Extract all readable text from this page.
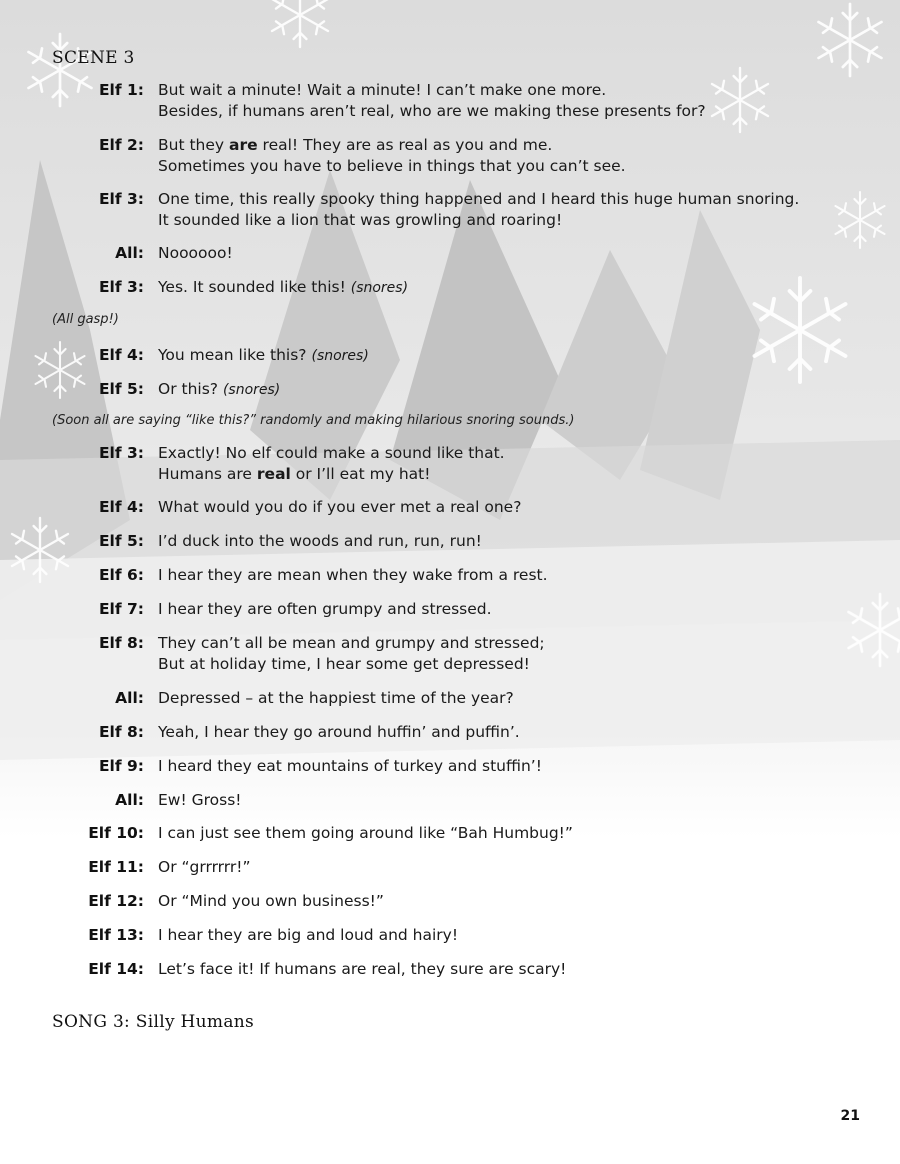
SCENE 3
Elf 1: But wait a minute! Wait a minute! I can’t make one more.
Besides, if humans aren’t real, who are we making these presents for?
Elf 2: But they are real! They are as real as you and me.
Sometimes you have to believe in things that you can’t see.
Elf 3: One time, this really spooky thing happened and I heard this huge human snoring.
It sounded like a lion that was growling and roaring!
All: Noooooo!
Elf 3: Yes. It sounded like this! (snores)
(All gasp!)
Elf 4: You mean like this? (snores)
Elf 5: Or this? (snores)
(Soon all are saying “like this?” randomly and making hilarious snoring sounds.)
Elf 3: Exactly! No elf could make a sound like that.
Humans are real or I’ll eat my hat!
Elf 4: What would you do if you ever met a real one?
Elf 5: I’d duck into the woods and run, run, run!
Elf 6: I hear they are mean when they wake from a rest.
Elf 7: I hear they are often grumpy and stressed.
Elf 8: They can’t all be mean and grumpy and stressed;
But at holiday time, I hear some get depressed!
All: Depressed – at the happiest time of the year?
Elf 8: Yeah, I hear they go around huffin’ and puffin’.
Elf 9: I heard they eat mountains of turkey and stuffin’!
All: Ew! Gross!
Elf 10: I can just see them going around like “Bah Humbug!”
Elf 11: Or “grrrrrr!”
Elf 12: Or “Mind you own business!”
Elf 13: I hear they are big and loud and hairy!
Elf 14: Let’s face it! If humans are real, they sure are scary!
SONG 3: Silly Humans
21
